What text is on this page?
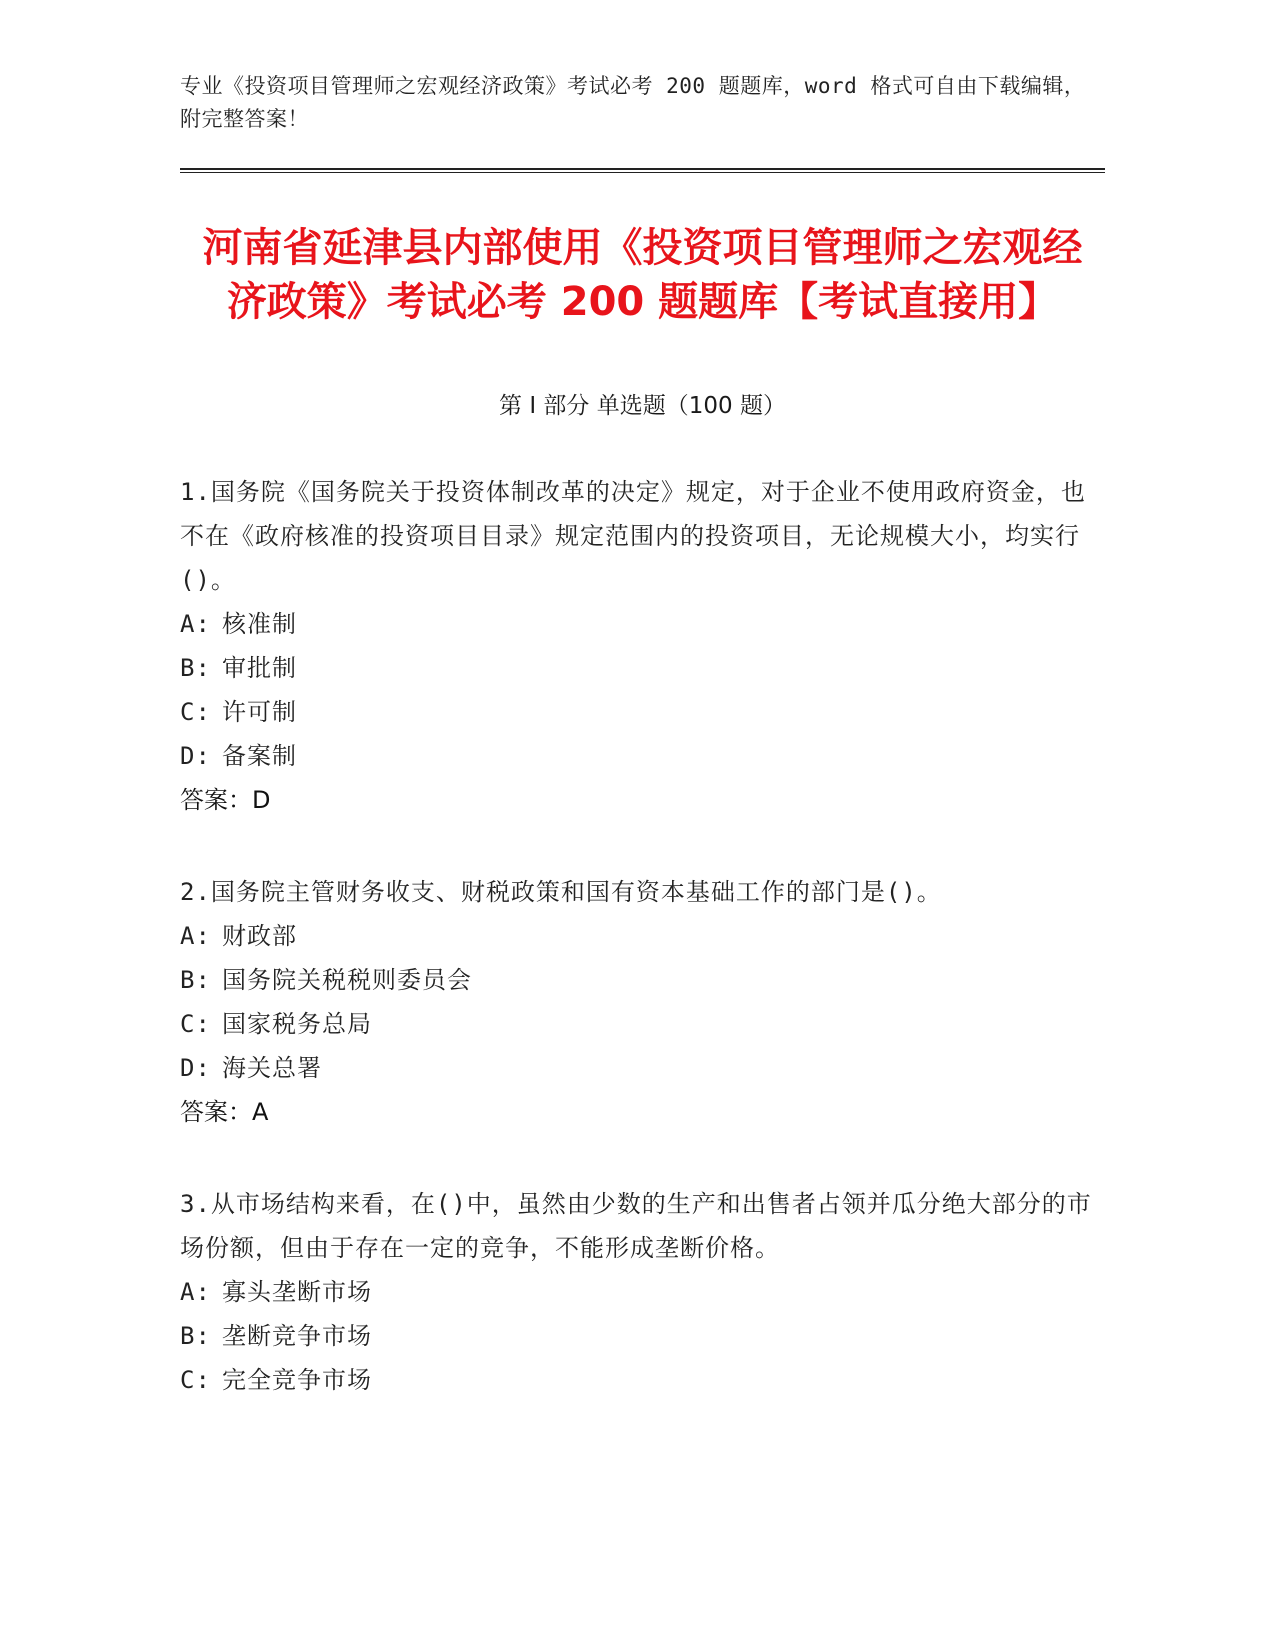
专业《投资项目管理师之宏观经济政策》考试必考 200 题题库，word 格式可自由下载编辑，附完整答案！

河南省延津县内部使用《投资项目管理师之宏观经济政策》考试必考 200 题题库【考试直接用】
第 I 部分 单选题（100 题）
1.国务院《国务院关于投资体制改革的决定》规定，对于企业不使用政府资金，也不在《政府核准的投资项目目录》规定范围内的投资项目，无论规模大小，均实行()。
A: 核准制
B: 审批制
C: 许可制
D: 备案制
答案：D
2.国务院主管财务收支、财税政策和国有资本基础工作的部门是()。
A: 财政部
B: 国务院关税税则委员会
C: 国家税务总局
D: 海关总署
答案：A
3.从市场结构来看，在()中，虽然由少数的生产和出售者占领并瓜分绝大部分的市场份额，但由于存在一定的竞争，不能形成垄断价格。
A: 寡头垄断市场
B: 垄断竞争市场
C: 完全竞争市场
